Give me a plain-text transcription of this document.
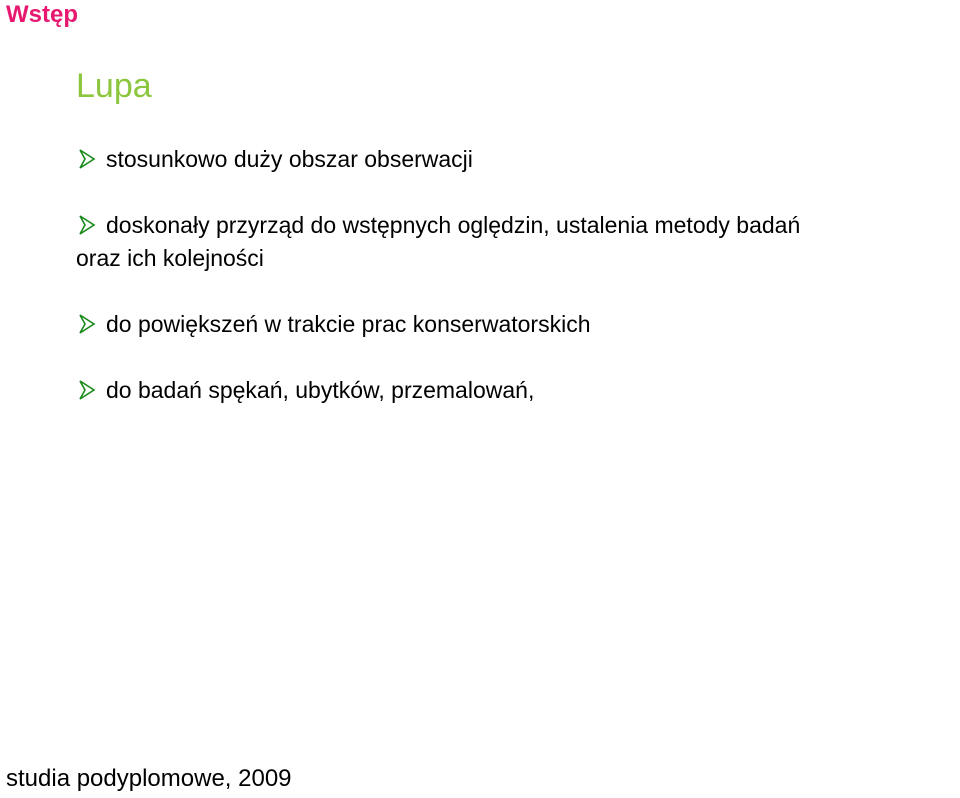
Wstęp
Lupa
stosunkowo duży obszar obserwacji
doskonały przyrząd do wstępnych oględzin, ustalenia metody badań
oraz ich kolejności
do powiększeń w trakcie prac konserwatorskich
do badań spękań, ubytków, przemalowań,
studia podyplomowe, 2009
